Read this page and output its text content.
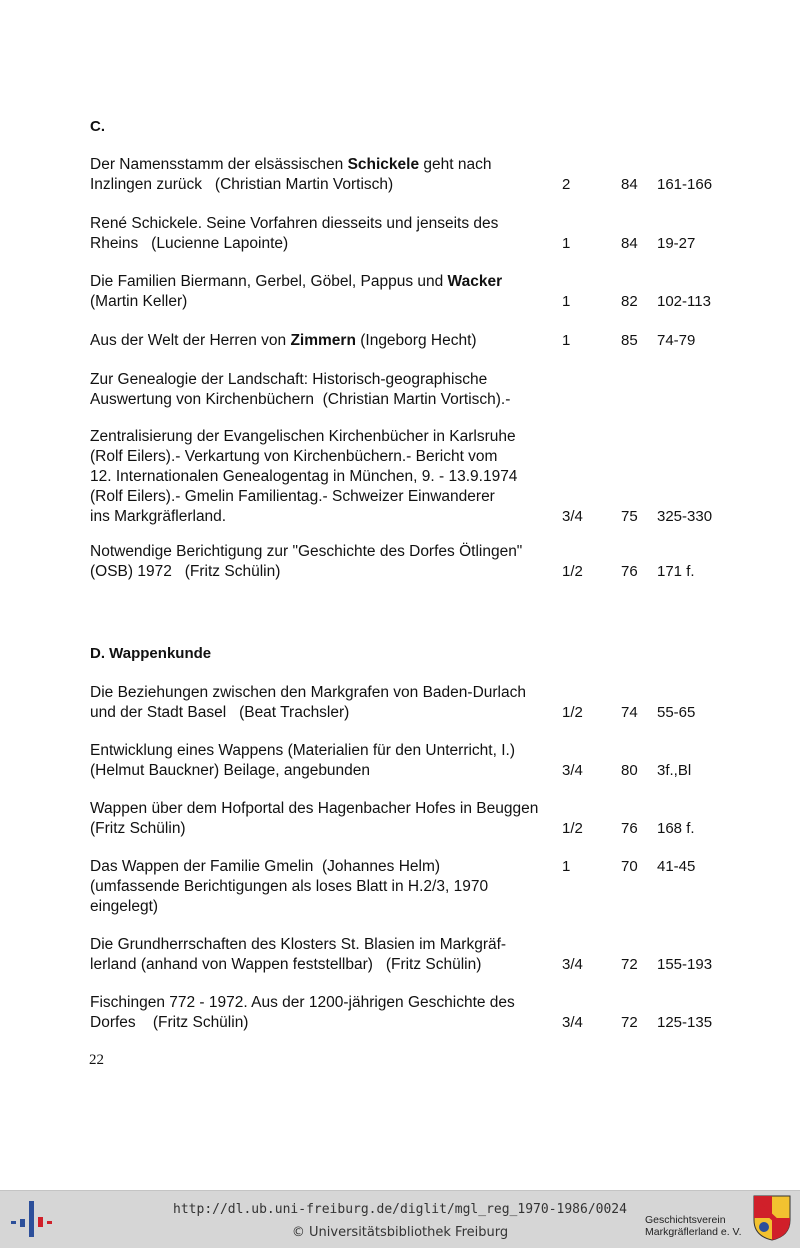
C.
Der Namensstamm der elsässischen Schickele geht nach
Inzlingen zurück   (Christian Martin Vortisch)	2	84 161-166
René Schickele. Seine Vorfahren diesseits und jenseits des
Rheins   (Lucienne Lapointe)	1	84 19-27
Die Familien Biermann, Gerbel, Göbel, Pappus und Wacker
(Martin Keller)	1	82 102-113
Aus der Welt der Herren von Zimmern (Ingeborg Hecht)	1	85 74-79
Zur Genealogie der Landschaft: Historisch-geographische
Auswertung von Kirchenbüchern  (Christian Martin Vortisch).-
Zentralisierung der Evangelischen Kirchenbücher in Karlsruhe
(Rolf Eilers).- Verkartung von Kirchenbüchern.- Bericht vom
12. Internationalen Genealogentag in München, 9. - 13.9.1974
(Rolf Eilers).- Gmelin Familientag.- Schweizer Einwanderer
ins Markgräflerland.	3/4	75 325-330
Notwendige Berichtigung zur "Geschichte des Dorfes Ötlingen"
(OSB) 1972   (Fritz Schülin)	1/2	76 171 f.
D. Wappenkunde
Die Beziehungen zwischen den Markgrafen von Baden-Durlach
und der Stadt Basel   (Beat Trachsler)	1/2	74 55-65
Entwicklung eines Wappens (Materialien für den Unterricht, I.)
(Helmut Bauckner) Beilage, angebunden	3/4	80 3f.,Bl
Wappen über dem Hofportal des Hagenbacher Hofes in Beuggen
(Fritz Schülin)	1/2	76 168 f.
Das Wappen der Familie Gmelin  (Johannes Helm)
(umfassende Berichtigungen als loses Blatt in H.2/3, 1970
eingelegt)
1	70 41-45
Die Grundherrschaften des Klosters St. Blasien im Markgräf-
lerland (anhand von Wappen feststellbar)   (Fritz Schülin)	3/4	72 155-193
Fischingen 772 - 1972. Aus der 1200-jährigen Geschichte des
Dorfes    (Fritz Schülin)	3/4	72 125-135
22
http://dl.ub.uni-freiburg.de/diglit/mgl_reg_1970-1986/0024
© Universitätsbibliothek Freiburg
Geschichtsverein
Markgräflerland e. V.
